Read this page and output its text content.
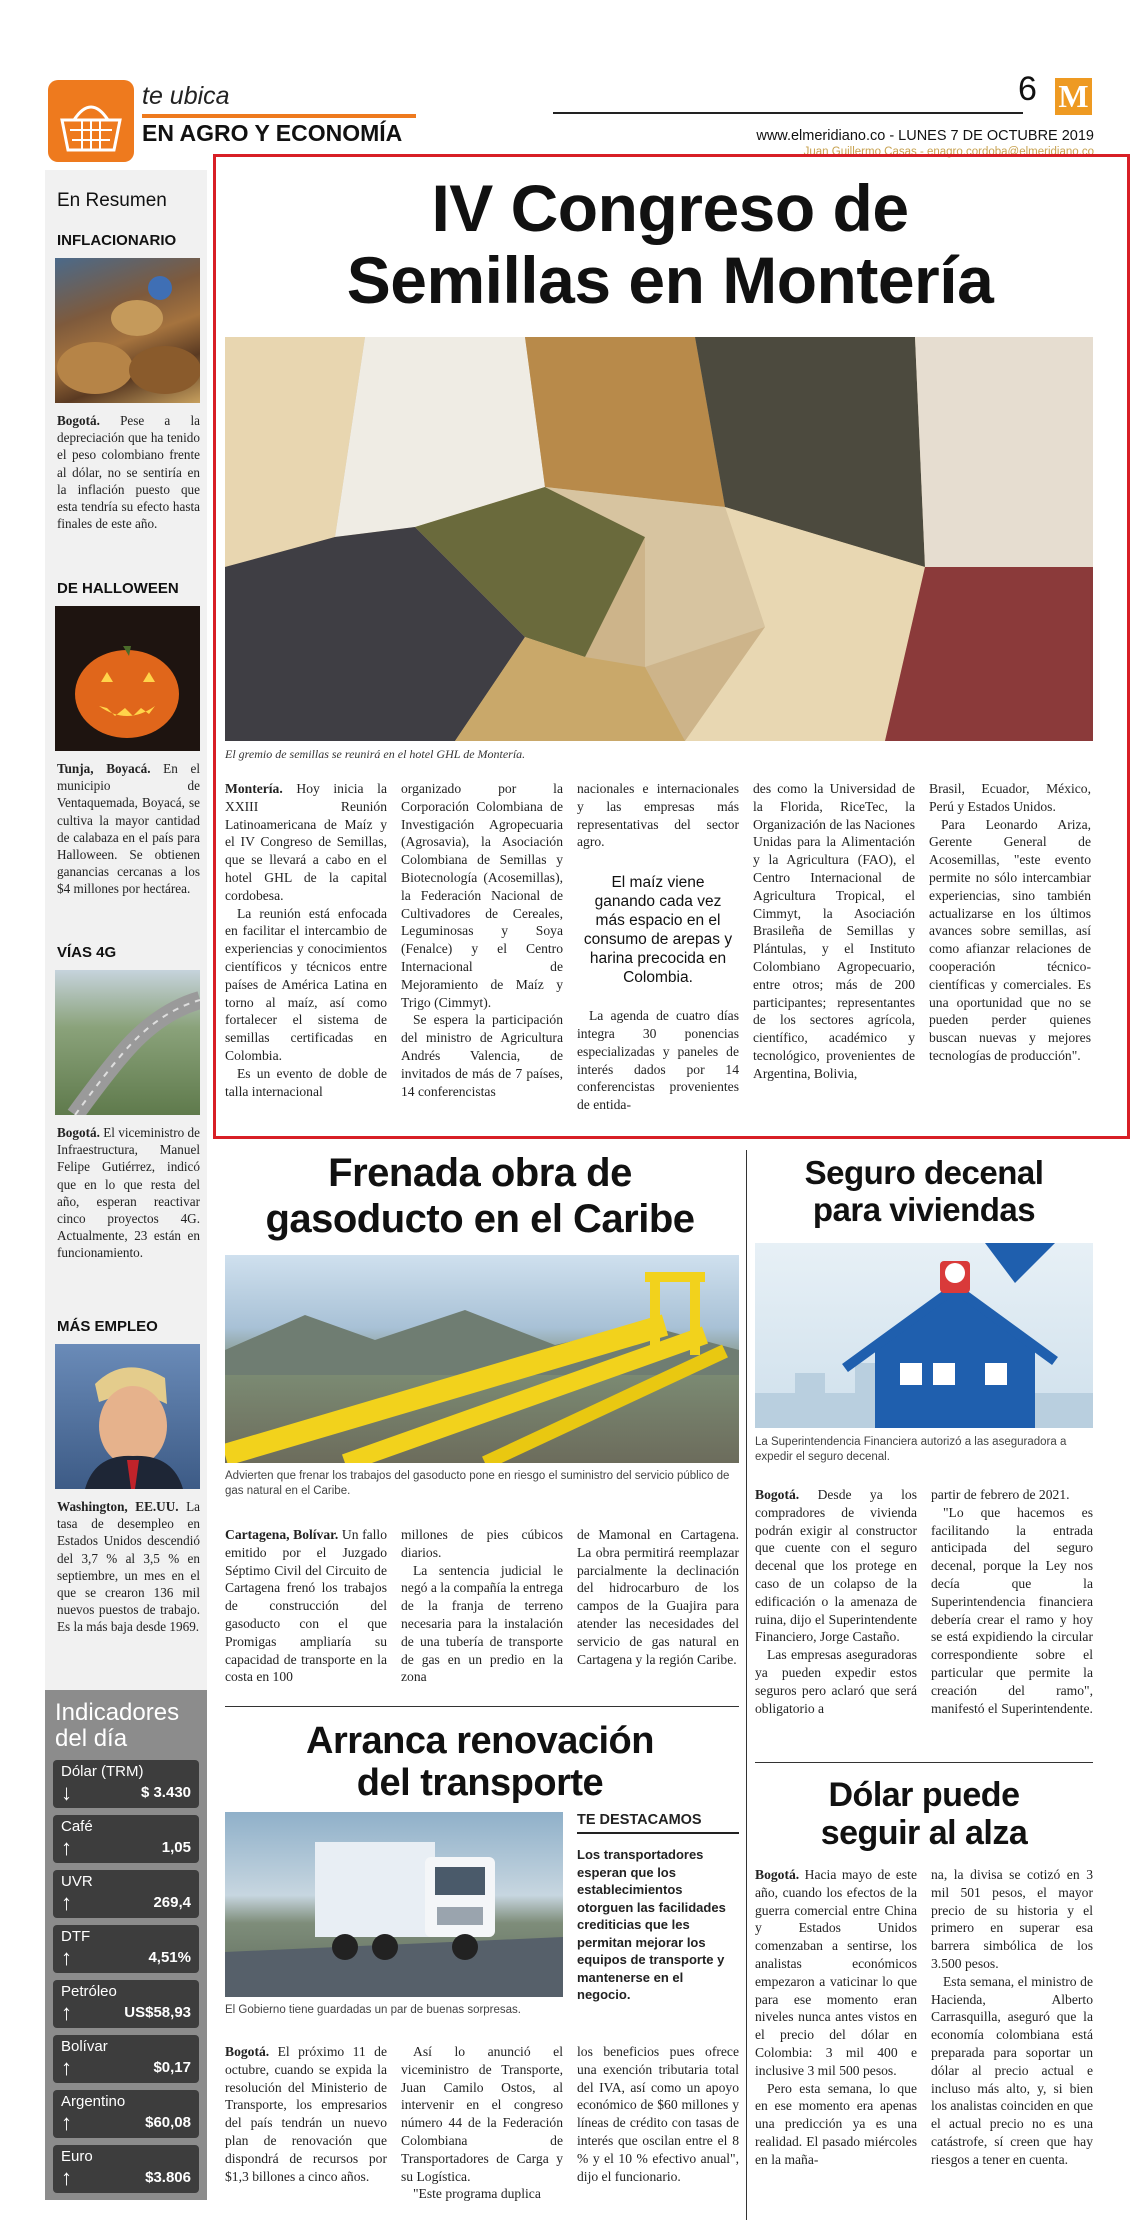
te ubica
EN AGRO Y ECONOMÍA
6 M
www.elmeridiano.co - LUNES 7 DE OCTUBRE 2019
Juan Guillermo Casas - enagro.cordoba@elmeridiano.co
En Resumen
INFLACIONARIO
Bogotá. Pese a la depreciación que ha tenido el peso colombiano frente al dólar, no se sentiría en la inflación puesto que esta tendría su efecto hasta finales de este año.
DE HALLOWEEN
Tunja, Boyacá. En el municipio de Ventaquemada, Boyacá, se cultiva la mayor cantidad de calabaza en el país para Halloween. Se obtienen ganancias cercanas a los $4 millones por hectárea.
VÍAS 4G
Bogotá. El viceministro de Infraestructura, Manuel Felipe Gutiérrez, indicó que en lo que resta del año, esperan reactivar cinco proyectos 4G. Actualmente, 23 están en funcionamiento.
MÁS EMPLEO
Washington, EE.UU. La tasa de desempleo en Estados Unidos descendió del 3,7 % al 3,5 % en septiembre, un mes en el que se crearon 136 mil nuevos puestos de trabajo. Es la más baja desde 1969.
Indicadores
del día
Dólar (TRM)
↓	$ 3.430
Café
↑	1,05
UVR
↑	269,4
DTF
↑	4,51%
Petróleo
↑	US$58,93
Bolívar
↑	$0,17
Argentino
↑	$60,08
Euro
↑	$3.806
IV Congreso de
Semillas en Montería
El gremio de semillas se reunirá en el hotel GHL de Montería.

Montería. Hoy inicia la XXIII Reunión Latinoamericana de Maíz y el IV Congreso de Semillas, que se llevará a cabo en el hotel GHL de la capital cordobesa.

La reunión está enfocada en facilitar el intercambio de experiencias y conocimientos científicos y técnicos entre países de América Latina en torno al maíz, así como fortalecer el sistema de semillas certificadas en Colombia.

Es un evento de doble de talla internacional

organizado por la Corporación Colombiana de Investigación Agropecuaria (Agrosavia), la Asociación Colombiana de Semillas y Biotecnología (Acosemillas), la Federación Nacional de Cultivadores de Cereales, Leguminosas y Soya (Fenalce) y el Centro Internacional de Mejoramiento de Maíz y Trigo (Cimmyt).

Se espera la participación del ministro de Agricultura Andrés Valencia, de invitados de más de 7 países, 14 conferencistas

nacionales e internacionales y las empresas más representativas del sector agro.

El maíz viene ganando cada vez más espacio en el consumo de arepas y harina precocida en Colombia.

La agenda de cuatro días integra 30 ponencias especializadas y paneles de interés dados por 14 conferencistas provenientes de entida-

des como la Universidad de la Florida, RiceTec, la Organización de las Naciones Unidas para la Alimentación y la Agricultura (FAO), el Centro Internacional de Agricultura Tropical, el Cimmyt, la Asociación Brasileña de Semillas y Plántulas, y el Instituto Colombiano Agropecuario, entre otros; más de 200 participantes; representantes de los sectores agrícola, científico, académico y tecnológico, provenientes de Argentina, Bolivia,

Brasil, Ecuador, México, Perú y Estados Unidos.

Para Leonardo Ariza, Gerente General de Acosemillas, "este evento permite no sólo intercambiar experiencias, sino también actualizarse en los últimos avances sobre semillas, así como afianzar relaciones de cooperación técnico-científicas y comerciales. Es una oportunidad que no se pueden perder quienes buscan nuevas y mejores tecnologías de producción".

Frenada obra de
gasoducto en el Caribe
Advierten que frenar los trabajos del gasoducto pone en riesgo el suministro del servicio público de gas natural en el Caribe.

Cartagena, Bolívar. Un fallo emitido por el Juzgado Séptimo Civil del Circuito de Cartagena frenó los trabajos de construcción del gasoducto con el que Promigas ampliaría su capacidad de transporte en la costa en 100

millones de pies cúbicos diarios.

La sentencia judicial le negó a la compañía la entrega de la franja de terreno necesaria para la instalación de una tubería de transporte de gas en un predio en la zona

de Mamonal en Cartagena. La obra permitirá reemplazar parcialmente la declinación del hidrocarburo de los campos de la Guajira para atender las necesidades del servicio de gas natural en Cartagena y la región Caribe.

Seguro decenal
para viviendas
La Superintendencia Financiera autorizó a las aseguradora a expedir el seguro decenal.

Bogotá. Desde ya los compradores de vivienda podrán exigir al constructor que cuente con el seguro decenal que los protege en caso de un colapso de la edificación o la amenaza de ruina, dijo el Superintendente Financiero, Jorge Castaño.

Las empresas aseguradoras ya pueden expedir estos seguros pero aclaró que será obligatorio a

partir de febrero de 2021.

"Lo que hacemos es facilitando la entrada anticipada del seguro decenal, porque la Ley nos decía que la Superintendencia financiera debería crear el ramo y hoy se está expidiendo la circular correspondiente sobre el particular que permite la creación del ramo", manifestó el Superintendente.

Arranca renovación
del transporte
El Gobierno tiene guardadas un par de buenas sorpresas.
TE DESTACAMOS
Los transportadores esperan que los establecimientos otorguen las facilidades crediticias que les permitan mejorar los equipos de transporte y mantenerse en el negocio.

Bogotá. El próximo 11 de octubre, cuando se expida la resolución del Ministerio de Transporte, los empresarios del país tendrán un nuevo plan de renovación que dispondrá de recursos por $1,3 billones a cinco años.

Así lo anunció el viceministro de Transporte, Juan Camilo Ostos, al intervenir en el congreso número 44 de la Federación Colombiana de Transportadores de Carga y su Logística.

"Este programa duplica

los beneficios pues ofrece una exención tributaria total del IVA, así como un apoyo económico de $60 millones y líneas de crédito con tasas de interés que oscilan entre el 8 % y el 10 % efectivo anual", dijo el funcionario.

Dólar puede
seguir al alza

Bogotá. Hacia mayo de este año, cuando los efectos de la guerra comercial entre China y Estados Unidos comenzaban a sentirse, los analistas económicos empezaron a vaticinar lo que para ese momento eran niveles nunca antes vistos en el precio del dólar en Colombia: 3 mil 400 e inclusive 3 mil 500 pesos.

Pero esta semana, lo que en ese momento era apenas una predicción ya es una realidad. El pasado miércoles en la maña-

na, la divisa se cotizó en 3 mil 501 pesos, el mayor precio de su historia y el primero en superar esa barrera simbólica de los 3.500 pesos.

Esta semana, el ministro de Hacienda, Alberto Carrasquilla, aseguró que la economía colombiana está preparada para soportar un dólar al precio actual e incluso más alto, y, si bien los analistas coinciden en que el actual precio no es una catástrofe, sí creen que hay riesgos a tener en cuenta.
